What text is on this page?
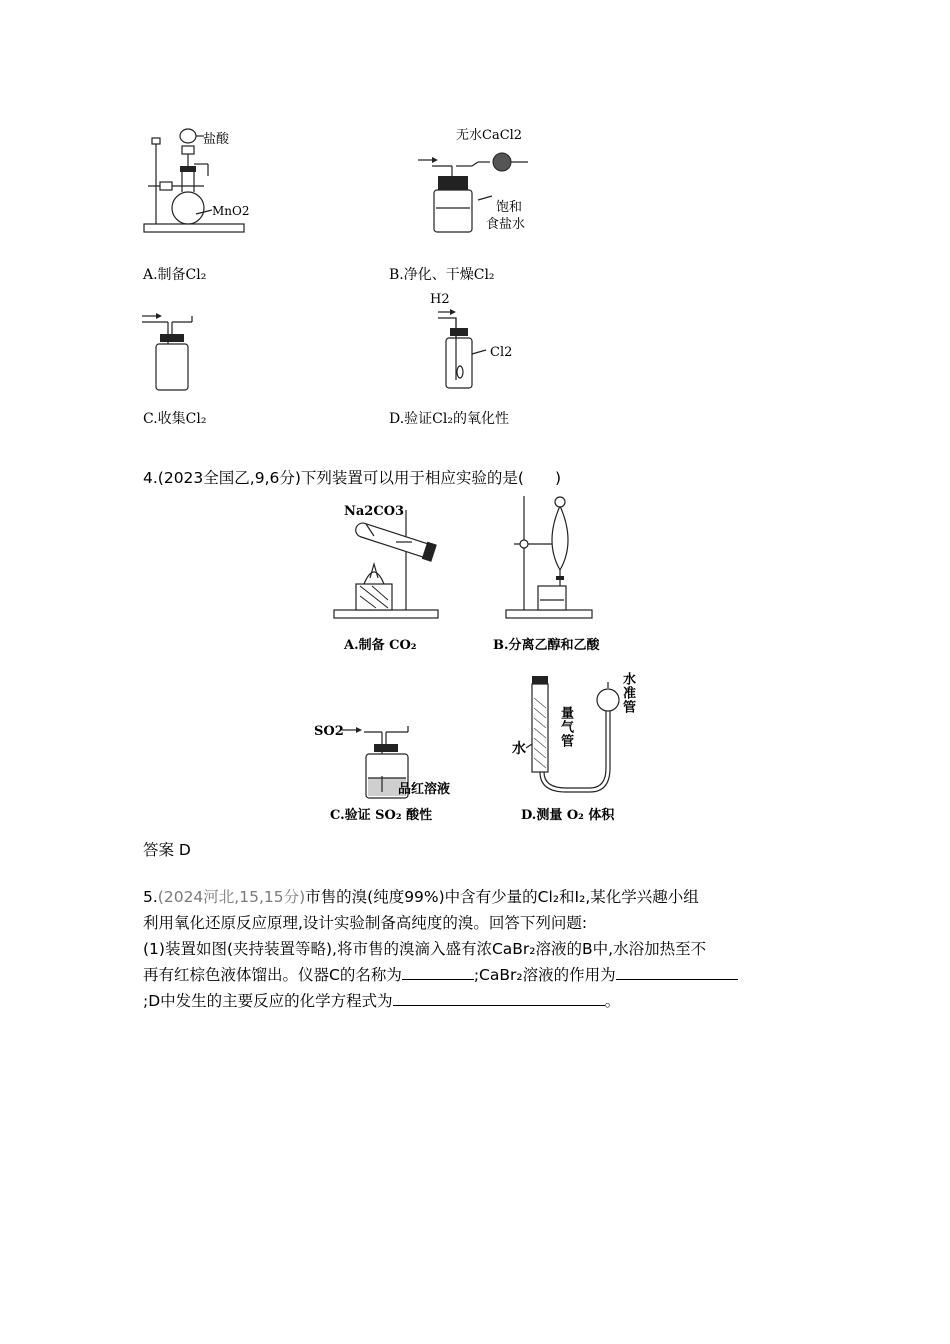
盐酸
MnO2
A.制备Cl₂
无水CaCl2
饱和
食盐水
B.净化、干燥Cl₂
C.收集Cl₂
H2
Cl2
D.验证Cl₂的氧化性
4.(2023全国乙,9,6分)下列装置可以用于相应实验的是(　　)
Na2CO3
A.制备 CO₂	B.分离乙醇和乙酸
SO2
品红溶液
C.验证 SO₂ 酸性
水准管
量气管
水
D.测量 O₂ 体积
答案 D
5.(2024河北,15,15分)市售的溴(纯度99%)中含有少量的Cl₂和I₂,某化学兴趣小组
利用氧化还原反应原理,设计实验制备高纯度的溴。回答下列问题:
(1)装置如图(夹持装置等略),将市售的溴滴入盛有浓CaBr₂溶液的B中,水浴加热至不
再有红棕色液体馏出。仪器C的名称为	;CaBr₂溶液的作用为
;D中发生的主要反应的化学方程式为	。
